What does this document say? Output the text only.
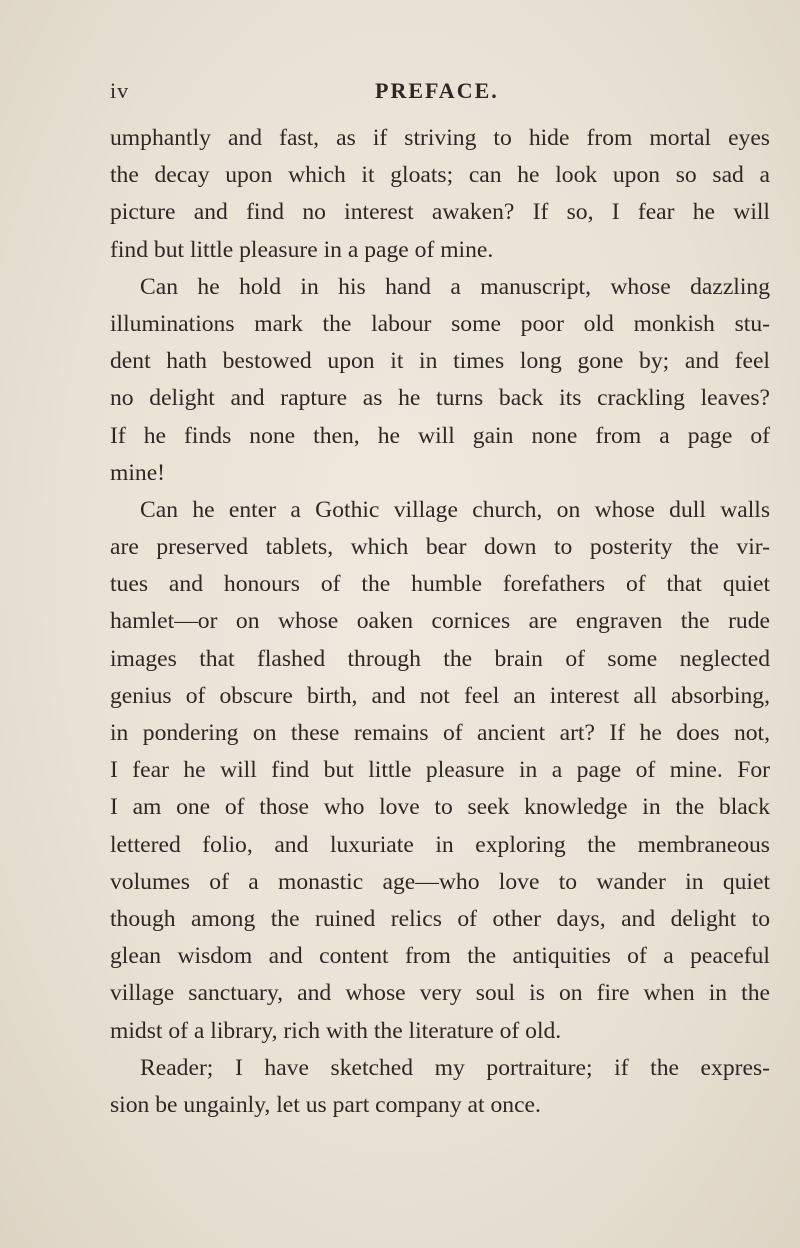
iv	PREFACE.
umphantly and fast, as if striving to hide from mortal eyes
the decay upon which it gloats; can he look upon so sad a
picture and find no interest awaken? If so, I fear he will
find but little pleasure in a page of mine.
Can he hold in his hand a manuscript, whose dazzling
illuminations mark the labour some poor old monkish stu-
dent hath bestowed upon it in times long gone by; and feel
no delight and rapture as he turns back its crackling leaves?
If he finds none then, he will gain none from a page of
mine!
Can he enter a Gothic village church, on whose dull walls
are preserved tablets, which bear down to posterity the vir-
tues and honours of the humble forefathers of that quiet
hamlet—or on whose oaken cornices are engraven the rude
images that flashed through the brain of some neglected
genius of obscure birth, and not feel an interest all absorbing,
in pondering on these remains of ancient art? If he does not,
I fear he will find but little pleasure in a page of mine. For
I am one of those who love to seek knowledge in the black
lettered folio, and luxuriate in exploring the membraneous
volumes of a monastic age—who love to wander in quiet
though among the ruined relics of other days, and delight to
glean wisdom and content from the antiquities of a peaceful
village sanctuary, and whose very soul is on fire when in the
midst of a library, rich with the literature of old.
Reader; I have sketched my portraiture; if the expres-
sion be ungainly, let us part company at once.
